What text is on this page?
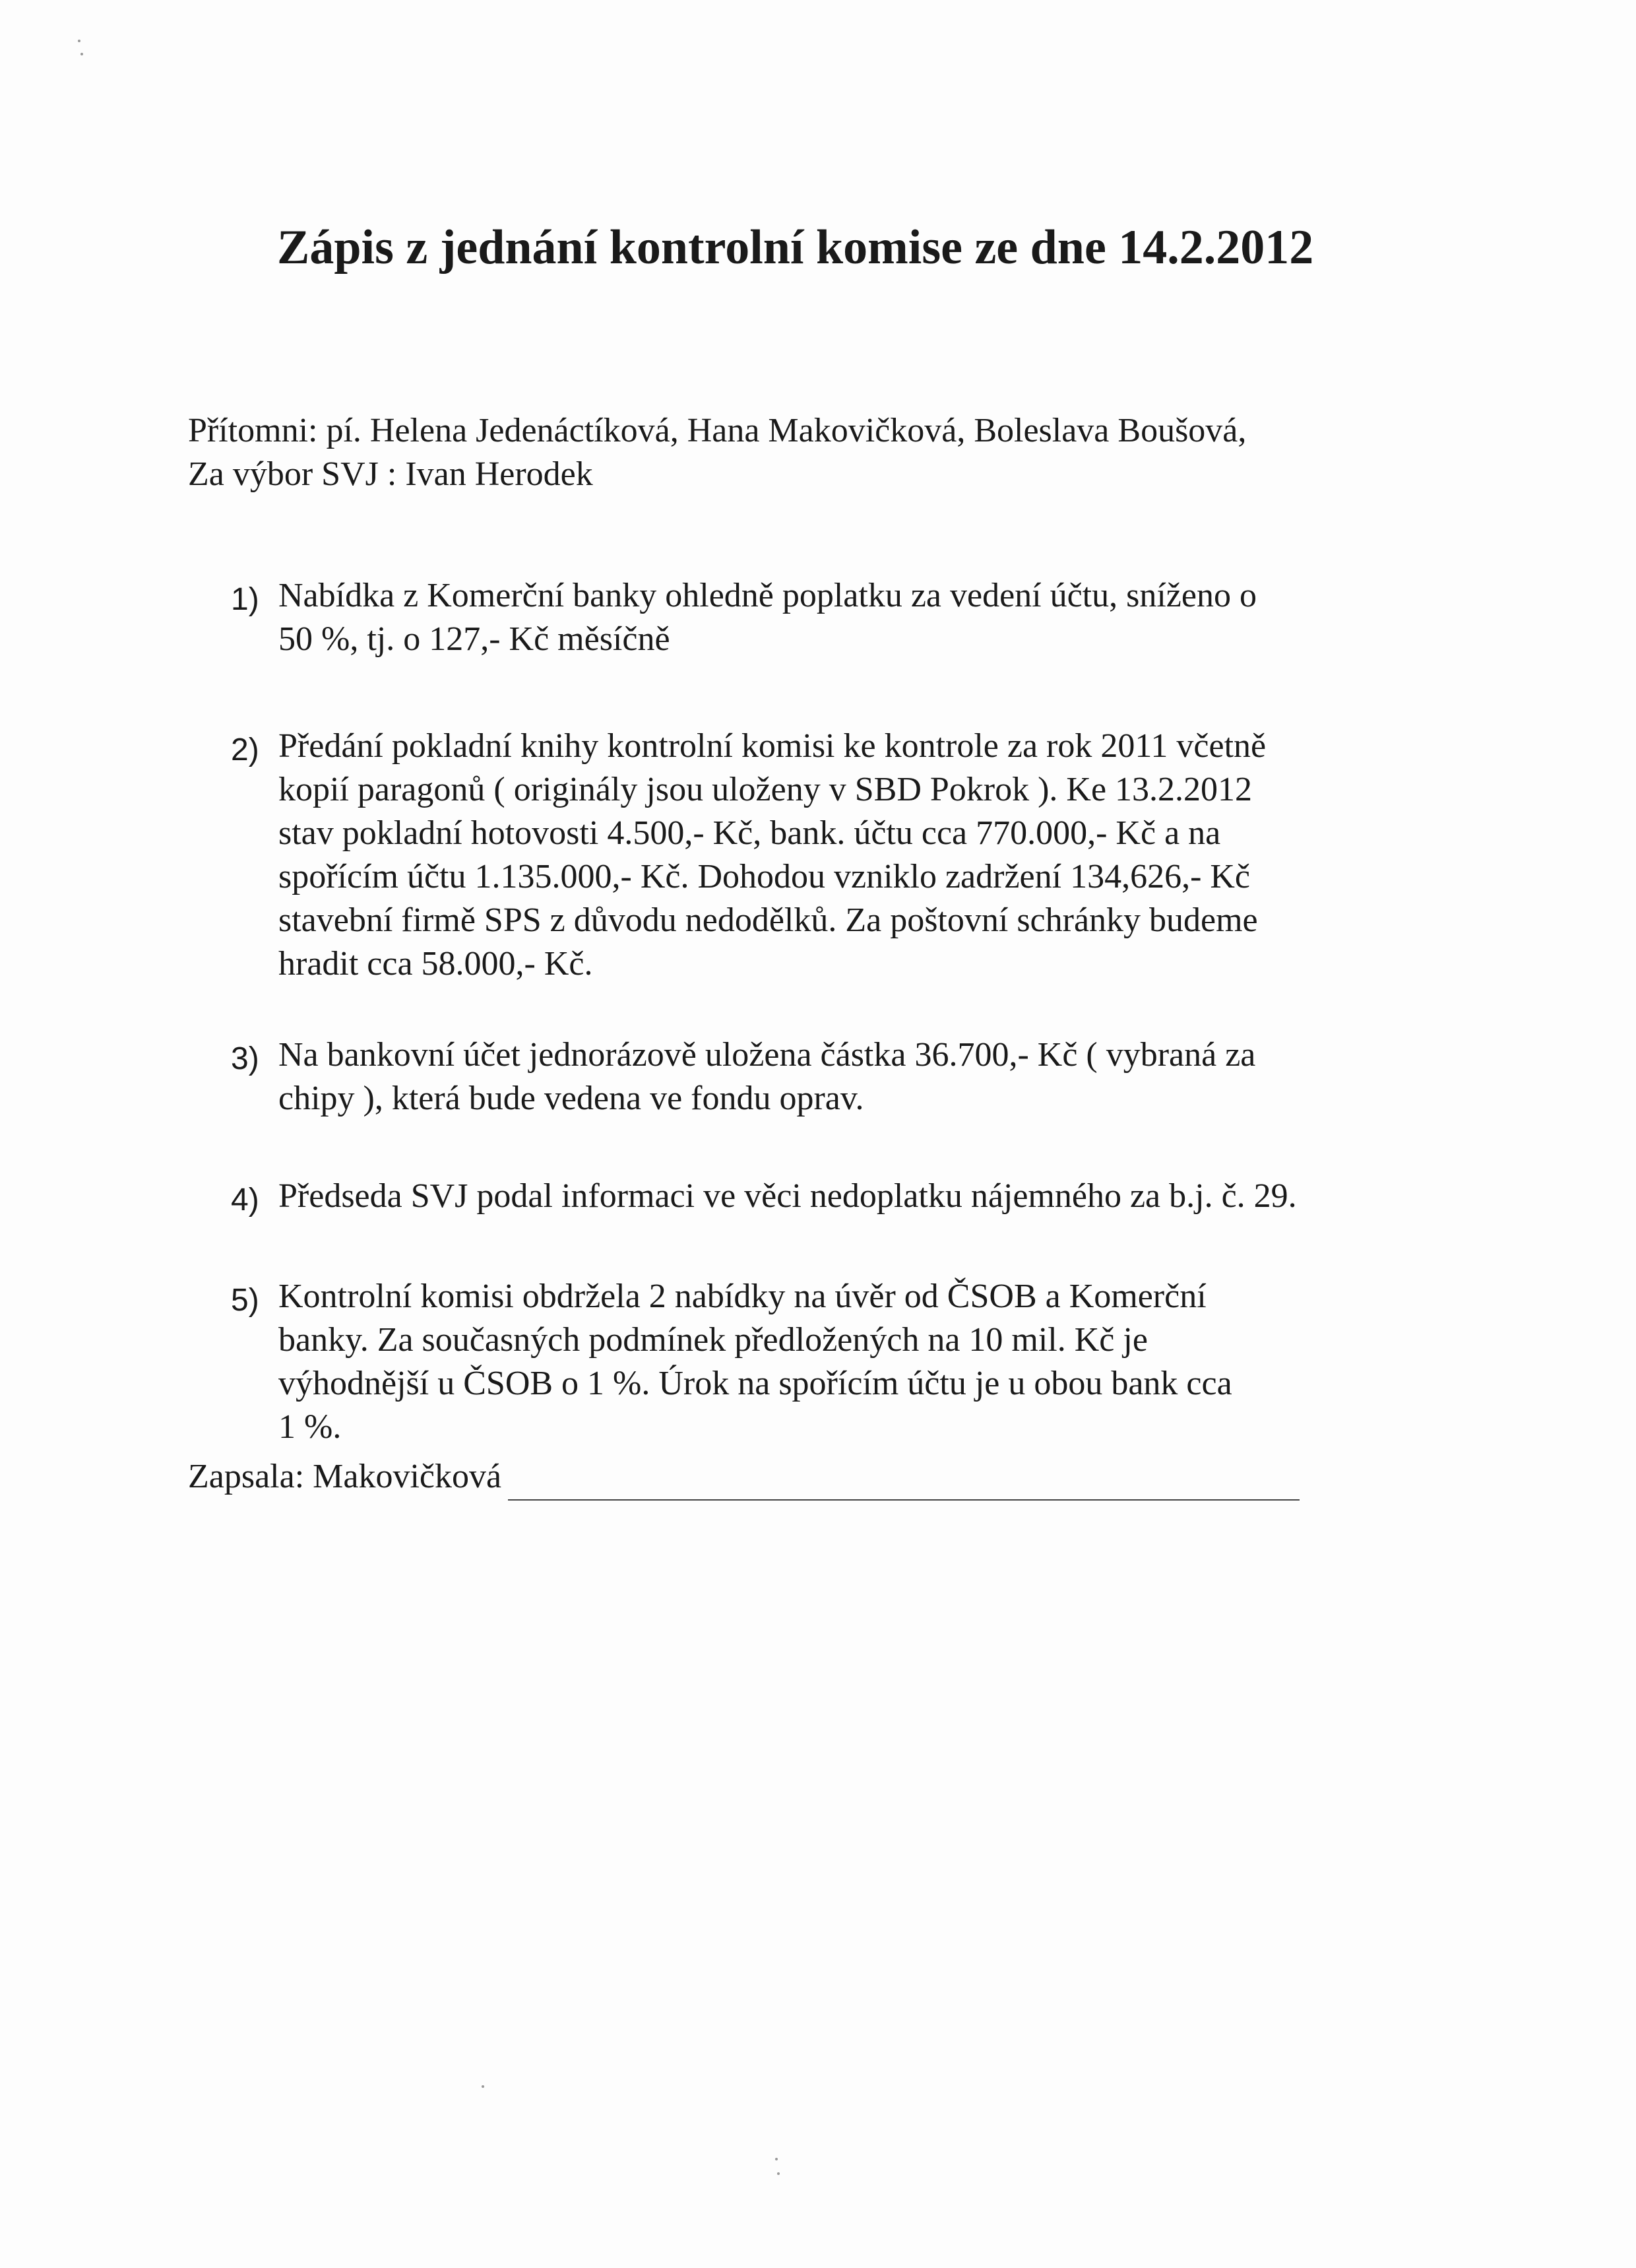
Zápis z jednání kontrolní komise ze dne 14.2.2012
Přítomni: pí. Helena Jedenáctíková, Hana Makovičková, Boleslava Boušová,
Za výbor SVJ : Ivan Herodek
1) Nabídka z Komerční banky ohledně poplatku za vedení účtu, sníženo o
50 %, tj. o 127,- Kč měsíčně
2) Předání pokladní knihy kontrolní komisi ke kontrole za rok 2011 včetně
kopií paragonů ( originály jsou uloženy v SBD Pokrok ). Ke 13.2.2012
stav pokladní hotovosti 4.500,- Kč, bank. účtu cca 770.000,- Kč a na
spořícím účtu 1.135.000,- Kč. Dohodou vzniklo zadržení 134,626,- Kč
stavební firmě SPS z důvodu nedodělků. Za poštovní schránky budeme
hradit cca 58.000,- Kč.
3) Na bankovní účet jednorázově uložena částka 36.700,- Kč ( vybraná za
chipy ), která bude vedena ve fondu oprav.
4) Předseda SVJ podal informaci ve věci nedoplatku nájemného za b.j. č. 29.
5) Kontrolní komisi obdržela 2 nabídky na úvěr od ČSOB a Komerční
banky. Za současných podmínek předložených na 10 mil. Kč je
výhodnější u ČSOB o 1 %. Úrok na spořícím účtu je u obou bank cca
1 %.
Zapsala: Makovičková
